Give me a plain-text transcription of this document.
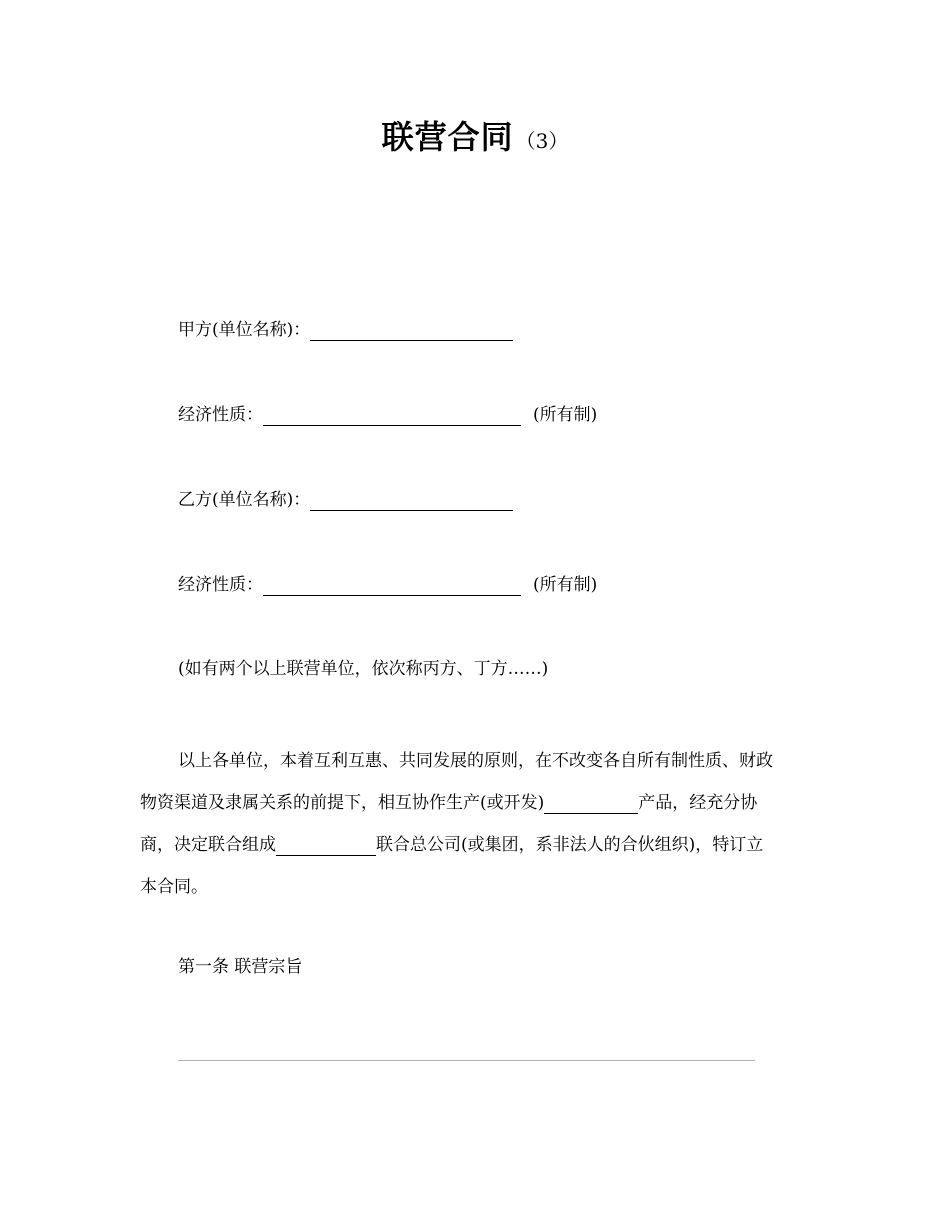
联营合同 （3）
甲方(单位名称)：
经济性质：	(所有制)
乙方(单位名称)：
经济性质：	(所有制)
(如有两个以上联营单位，依次称丙方、丁方……)
以上各单位，本着互利互惠、共同发展的原则，在不改变各自所有制性质、财政
物资渠道及隶属关系的前提下，相互协作生产(或开发)	产品，经充分协
商，决定联合组成	联合总公司(或集团，系非法人的合伙组织)，特订立
本合同。
第一条 联营宗旨
